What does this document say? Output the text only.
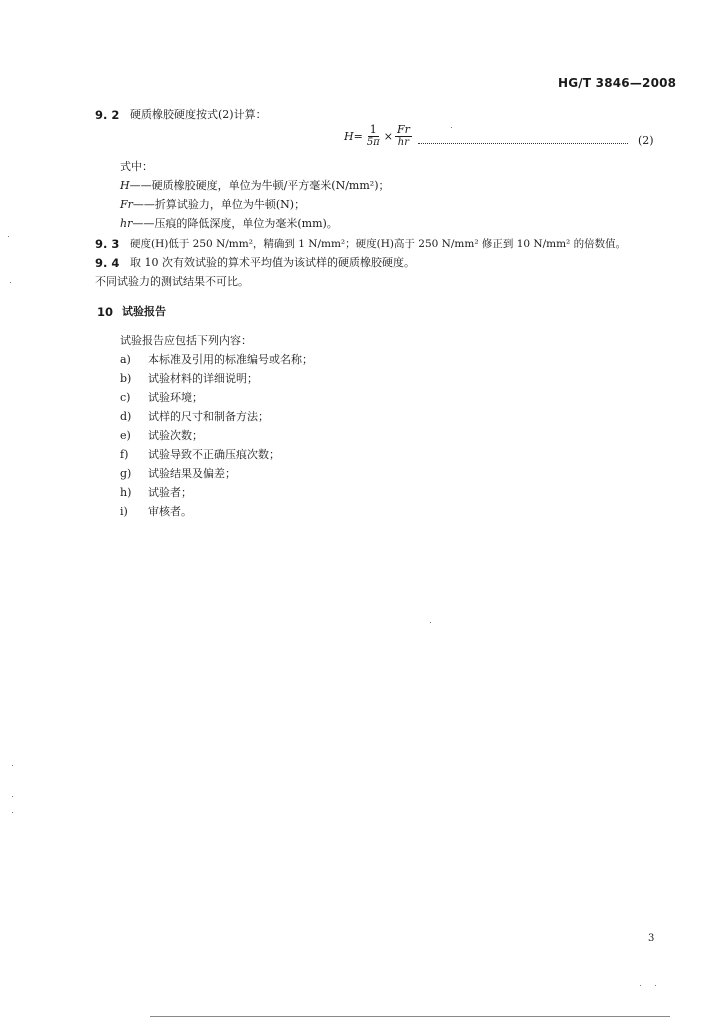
HG/T 3846—2008
9. 2 硬质橡胶硬度按式(2)计算：
$H = \frac{1}{5\pi} \times \frac{Fr}{hr}$	(2)
式中：
H——硬质橡胶硬度，单位为牛顿/平方毫米(N/mm²)；
Fr——折算试验力，单位为牛顿(N)；
hr——压痕的降低深度，单位为毫米(mm)。
9. 3 硬度(H)低于 250 N/mm²，精确到 1 N/mm²；硬度(H)高于 250 N/mm² 修正到 10 N/mm² 的倍数值。
9. 4 取 10 次有效试验的算术平均值为该试样的硬质橡胶硬度。
不同试验力的测试结果不可比。
10 试验报告
试验报告应包括下列内容：
a) 本标准及引用的标准编号或名称；
b) 试验材料的详细说明；
c) 试验环境；
d) 试样的尺寸和制备方法；
e) 试验次数；
f) 试验导致不正确压痕次数；
g) 试验结果及偏差；
h) 试验者；
i) 审核者。
3
